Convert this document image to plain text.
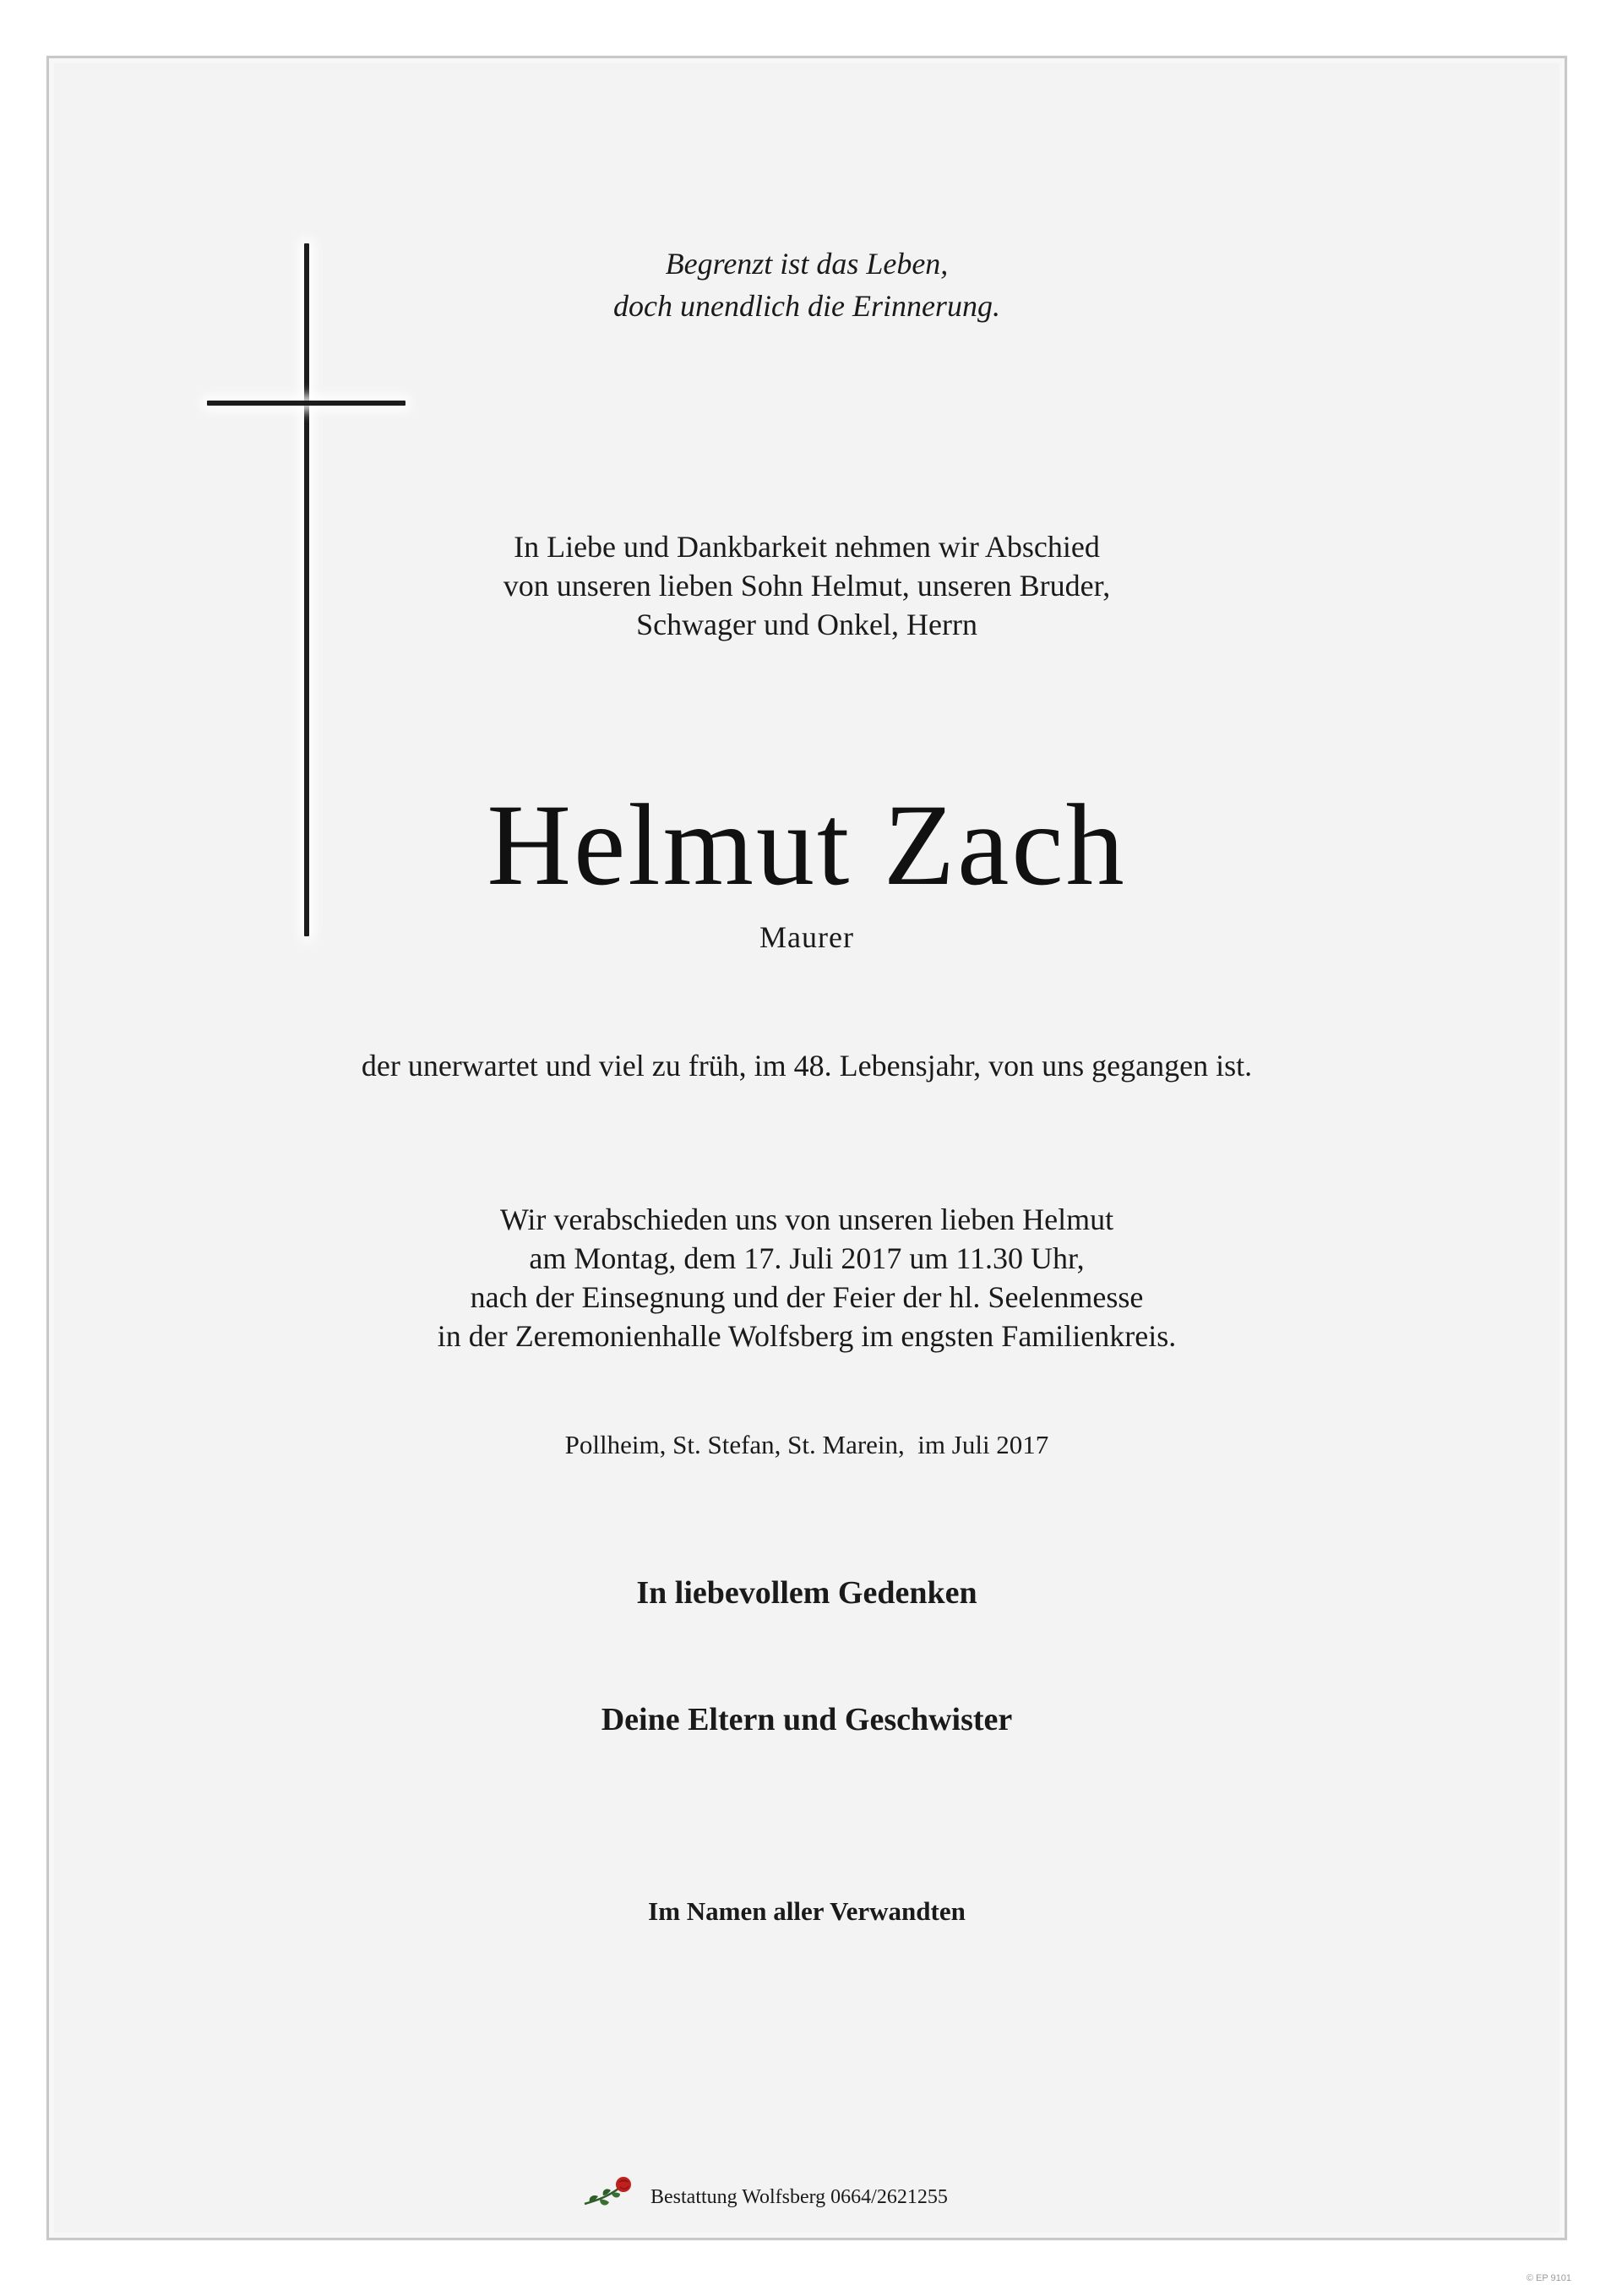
Begrenzt ist das Leben,
doch unendlich die Erinnerung.

In Liebe und Dankbarkeit nehmen wir Abschied
von unseren lieben Sohn Helmut, unseren Bruder,
Schwager und Onkel, Herrn

Helmut Zach

Maurer

der unerwartet und viel zu früh, im 48. Lebensjahr, von uns gegangen ist.

Wir verabschieden uns von unseren lieben Helmut
am Montag, dem 17. Juli 2017 um 11.30 Uhr,
nach der Einsegnung und der Feier der hl. Seelenmesse
in der Zeremonienhalle Wolfsberg im engsten Familienkreis.

Pollheim, St. Stefan, St. Marein,  im Juli 2017

In liebevollem Gedenken

Deine Eltern und Geschwister

Im Namen aller Verwandten

Bestattung Wolfsberg 0664/2621255
© EP 9101
